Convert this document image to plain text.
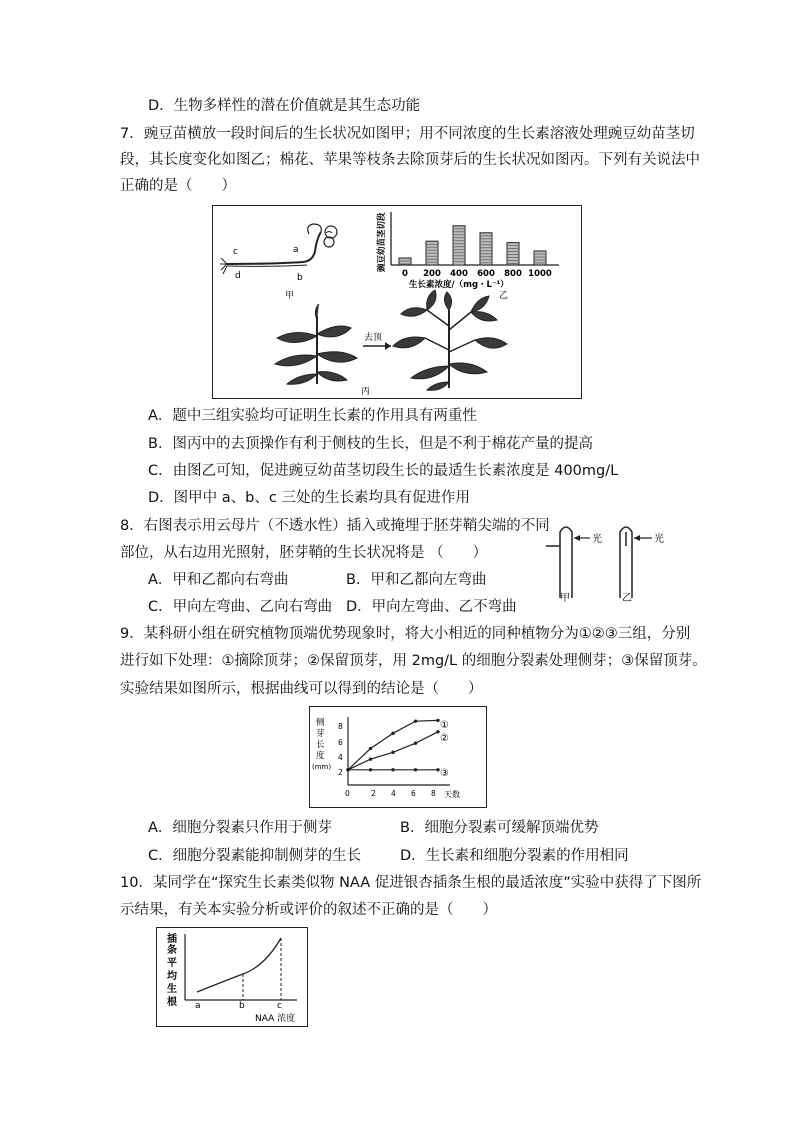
D．生物多样性的潜在价值就是其生态功能
7．豌豆苗横放一段时间后的生长状况如图甲；用不同浓度的生长素溶液处理豌豆幼苗茎切
段，其长度变化如图乙；棉花、苹果等枝条去除顶芽后的生长状况如图丙。下列有关说法中
正确的是（　　）
c
d
a
b
甲
豌豆幼苗茎切段
0 200 400 600 800 1000
生长素浓度/（mg・L⁻¹）
乙
去顶
丙
A．题中三组实验均可证明生长素的作用具有两重性
B．图丙中的去顶操作有利于侧枝的生长，但是不利于棉花产量的提高
C．由图乙可知，促进豌豆幼苗茎切段生长的最适生长素浓度是 400mg/L
D．图甲中 a、b、c 三处的生长素均具有促进作用
8．右图表示用云母片（不透水性）插入或掩埋于胚芽鞘尖端的不同
部位，从右边用光照射，胚芽鞘的生长状况将是 （　　）
A．甲和乙都向右弯曲	B．甲和乙都向左弯曲
C．甲向左弯曲、乙向右弯曲 D．甲向左弯曲、乙不弯曲
光
甲
光
乙
9．某科研小组在研究植物顶端优势现象时，将大小相近的同种植物分为①②③三组，分别
进行如下处理：①摘除顶芽；②保留顶芽，用 2mg/L 的细胞分裂素处理侧芽；③保留顶芽。
实验结果如图所示，根据曲线可以得到的结论是（　　）
侧
芽
长
度
(mm)
8
6
4
2
0	2 4 6 8 天数
①
②
③
A．细胞分裂素只作用于侧芽	B．细胞分裂素可缓解顶端优势
C．细胞分裂素能抑制侧芽的生长	D．生长素和细胞分裂素的作用相同
10．某同学在“探究生长素类似物 NAA 促进银杏插条生根的最适浓度”实验中获得了下图所
示结果，有关本实验分析或评价的叙述不正确的是（　　）
插
条
平
均
生
根 a	b	c
NAA 浓度
